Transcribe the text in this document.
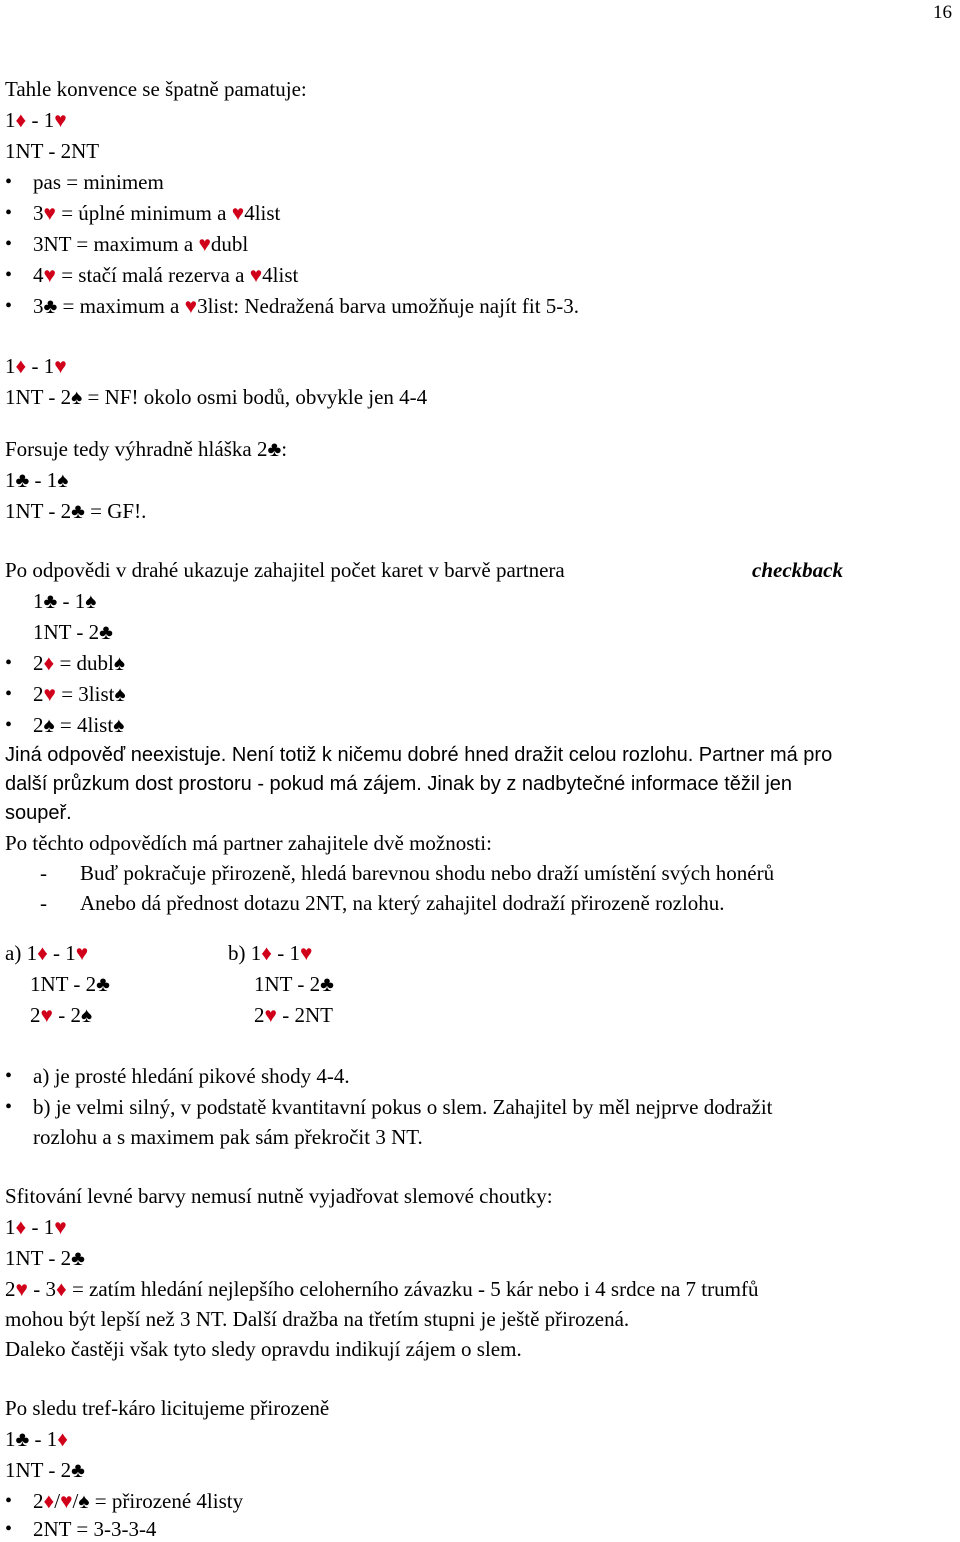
16
Tahle konvence se špatně pamatuje:
1♦ - 1♥
1NT - 2NT
• pas = minimem
• 3♥ = úplné minimum a ♥4list
• 3NT = maximum a ♥dubl
• 4♥ = stačí malá rezerva a ♥4list
• 3♣ = maximum a ♥3list: Nedražená barva umožňuje najít fit 5-3.
1♦ - 1♥
1NT - 2♠ = NF! okolo osmi bodů, obvykle jen 4-4
Forsuje tedy výhradně hláška 2♣:
1♣ - 1♠
1NT - 2♣ = GF!.
Po odpovědi v drahé ukazuje zahajitel počet karet v barvě partnera	checkback
1♣ - 1♠
1NT - 2♣
• 2♦ = dubl♠
• 2♥ = 3list♠
• 2♠ = 4list♠
Jiná odpověď neexistuje. Není totiž k ničemu dobré hned dražit celou rozlohu. Partner má pro
další průzkum dost prostoru - pokud má zájem. Jinak by z nadbytečné informace těžil jen
soupeř.
Po těchto odpovědích má partner zahajitele dvě možnosti:
- Buď pokračuje přirozeně, hledá barevnou shodu nebo draží umístění svých honérů
- Anebo dá přednost dotazu 2NT, na který zahajitel dodraží přirozeně rozlohu.
a) 1♦ - 1♥
1NT - 2♣
2♥ - 2♠
b) 1♦ - 1♥
1NT - 2♣
2♥ - 2NT
• a) je prosté hledání pikové shody 4-4.
• b) je velmi silný, v podstatě kvantitavní pokus o slem. Zahajitel by měl nejprve dodražit
rozlohu a s maximem pak sám překročit 3 NT.
Sfitování levné barvy nemusí nutně vyjadřovat slemové choutky:
1♦ - 1♥
1NT - 2♣
2♥ - 3♦ = zatím hledání nejlepšího celoherního závazku - 5 kár nebo i 4 srdce na 7 trumfů
mohou být lepší než 3 NT. Další dražba na třetím stupni je ještě přirozená.
Daleko častěji však tyto sledy opravdu indikují zájem o slem.
Po sledu tref-káro licitujeme přirozeně
1♣ - 1♦
1NT - 2♣
• 2♦/♥/♠ = přirozené 4listy
• 2NT = 3-3-3-4
